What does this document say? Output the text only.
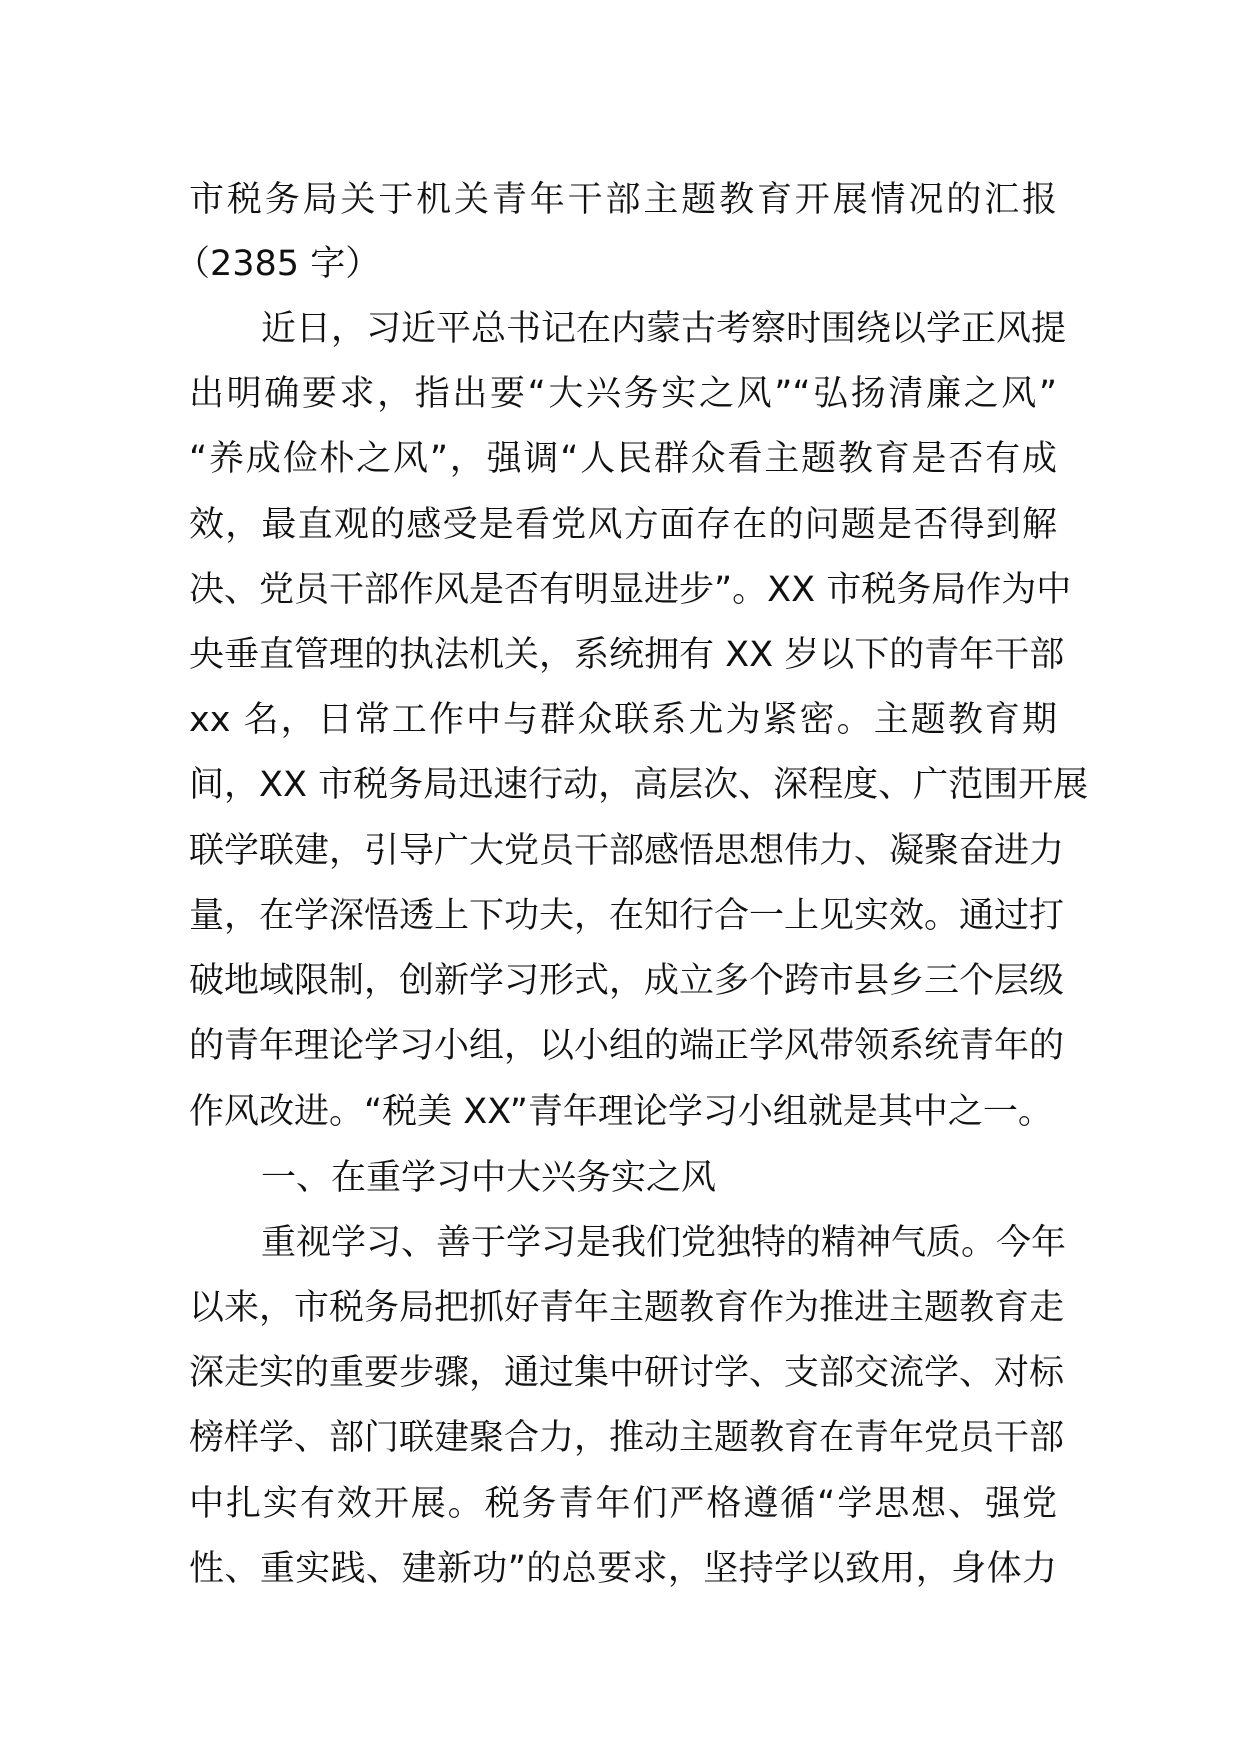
市税务局关于机关青年干部主题教育开展情况的汇报
（2385 字）
近日，习近平总书记在内蒙古考察时围绕以学正风提
出明确要求，指出要“大兴务实之风”“弘扬清廉之风”
“养成俭朴之风”，强调“人民群众看主题教育是否有成
效，最直观的感受是看党风方面存在的问题是否得到解
决、党员干部作风是否有明显进步”。XX 市税务局作为中
央垂直管理的执法机关，系统拥有 XX 岁以下的青年干部
xx 名，日常工作中与群众联系尤为紧密。主题教育期
间，XX 市税务局迅速行动，高层次、深程度、广范围开展
联学联建，引导广大党员干部感悟思想伟力、凝聚奋进力
量，在学深悟透上下功夫，在知行合一上见实效。通过打
破地域限制，创新学习形式，成立多个跨市县乡三个层级
的青年理论学习小组，以小组的端正学风带领系统青年的
作风改进。“税美 XX”青年理论学习小组就是其中之一。
一、在重学习中大兴务实之风
重视学习、善于学习是我们党独特的精神气质。今年
以来，市税务局把抓好青年主题教育作为推进主题教育走
深走实的重要步骤，通过集中研讨学、支部交流学、对标
榜样学、部门联建聚合力，推动主题教育在青年党员干部
中扎实有效开展。税务青年们严格遵循“学思想、强党
性、重实践、建新功”的总要求，坚持学以致用，身体力
